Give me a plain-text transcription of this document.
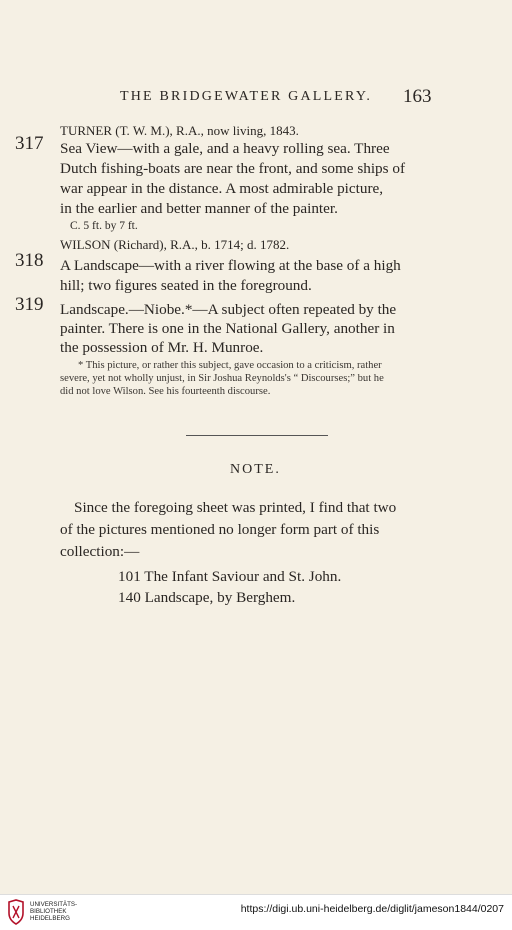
THE BRIDGEWATER GALLERY. 163
TURNER (T. W. M.), R.A., now living, 1843.
317 Sea View—with a gale, and a heavy rolling sea. Three
Dutch fishing-boats are near the front, and some ships of
war appear in the distance. A most admirable picture,
in the earlier and better manner of the painter.
C. 5 ft. by 7 ft.
WILSON (Richard), R.A., b. 1714; d. 1782.
318 A Landscape—with a river flowing at the base of a high
hill; two figures seated in the foreground.
319 Landscape.—Niobe.*—A subject often repeated by the
painter. There is one in the National Gallery, another in
the possession of Mr. H. Munroe.
* This picture, or rather this subject, gave occasion to a criticism, rather
severe, yet not wholly unjust, in Sir Joshua Reynolds's “ Discourses;” but he
did not love Wilson. See his fourteenth discourse.
NOTE.
Since the foregoing sheet was printed, I find that two
of the pictures mentioned no longer form part of this
collection:—
101 The Infant Saviour and St. John.
140 Landscape, by Berghem.
UNIVERSITÄTS-
BIBLIOTHEK
HEIDELBERG
https://digi.ub.uni-heidelberg.de/diglit/jameson1844/0207
